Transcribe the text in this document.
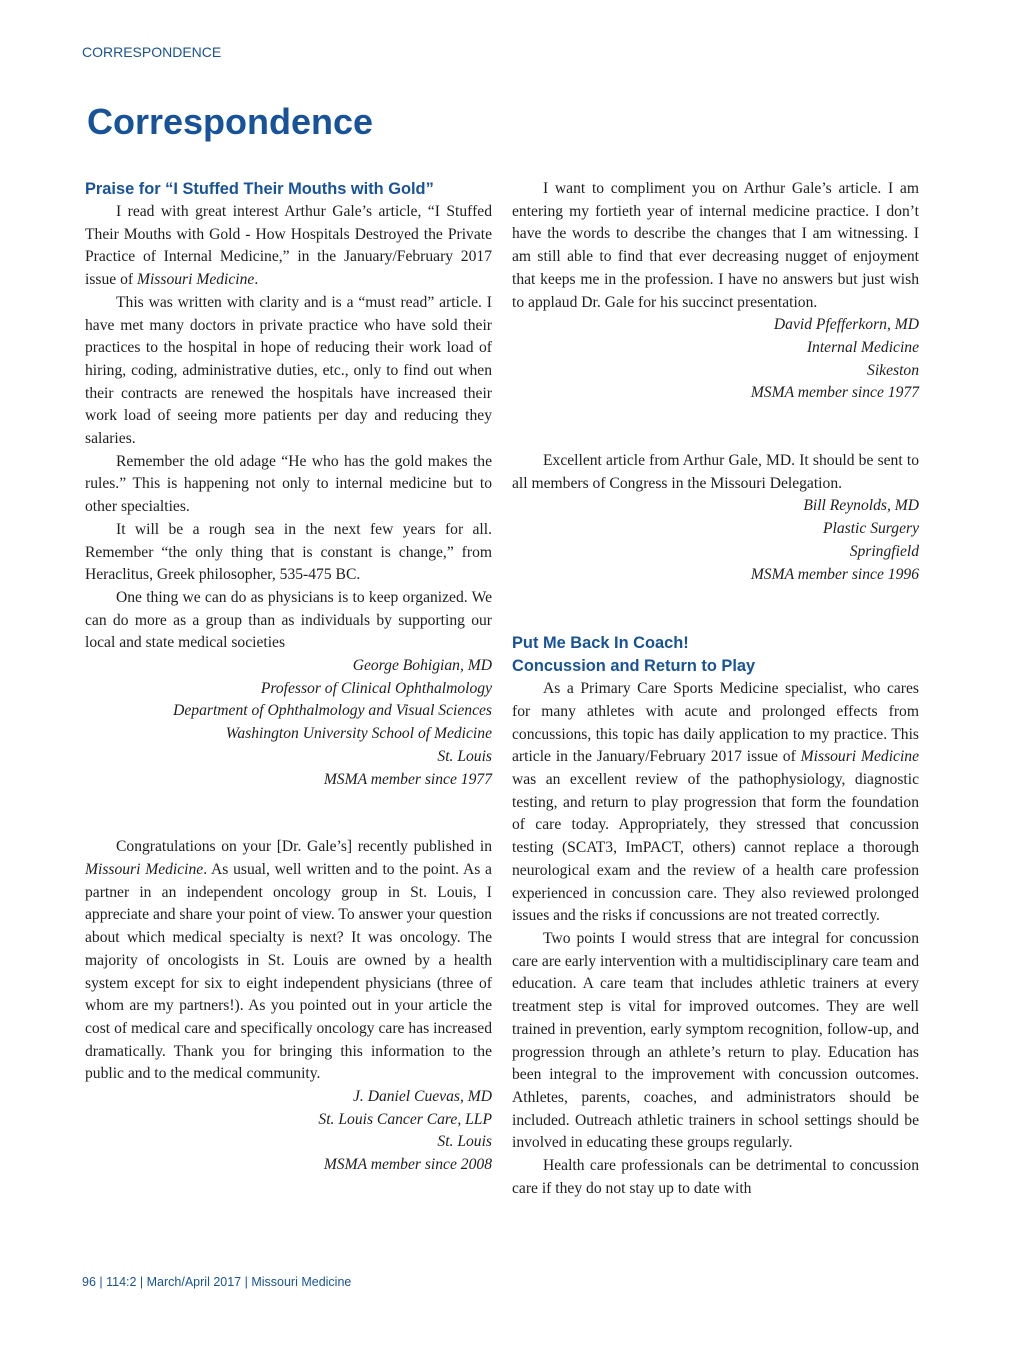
CORRESPONDENCE
Correspondence
Praise for “I Stuffed Their Mouths with Gold”

I read with great interest Arthur Gale’s article, “I Stuffed Their Mouths with Gold - How Hospitals Destroyed the Private Practice of Internal Medicine,” in the January/February 2017 issue of Missouri Medicine.

This was written with clarity and is a “must read” article. I have met many doctors in private practice who have sold their practices to the hospital in hope of reducing their work load of hiring, coding, administrative duties, etc., only to find out when their contracts are renewed the hospitals have increased their work load of seeing more patients per day and reducing they salaries.

Remember the old adage “He who has the gold makes the rules.” This is happening not only to internal medicine but to other specialties.

It will be a rough sea in the next few years for all. Remember “the only thing that is constant is change,” from Heraclitus, Greek philosopher, 535-475 BC.

One thing we can do as physicians is to keep organized. We can do more as a group than as individuals by supporting our local and state medical societies

George Bohigian, MD
Professor of Clinical Ophthalmology
Department of Ophthalmology and Visual Sciences
Washington University School of Medicine
St. Louis
MSMA member since 1977

Congratulations on your [Dr. Gale’s] recently published in Missouri Medicine. As usual, well written and to the point. As a partner in an independent oncology group in St. Louis, I appreciate and share your point of view. To answer your question about which medical specialty is next? It was oncology. The majority of oncologists in St. Louis are owned by a health system except for six to eight independent physicians (three of whom are my partners!). As you pointed out in your article the cost of medical care and specifically oncology care has increased dramatically. Thank you for bringing this information to the public and to the medical community.

J. Daniel Cuevas, MD
St. Louis Cancer Care, LLP
St. Louis
MSMA member since 2008

I want to compliment you on Arthur Gale’s article. I am entering my fortieth year of internal medicine practice. I don’t have the words to describe the changes that I am witnessing. I am still able to find that ever decreasing nugget of enjoyment that keeps me in the profession. I have no answers but just wish to applaud Dr. Gale for his succinct presentation.

David Pfefferkorn, MD
Internal Medicine
Sikeston
MSMA member since 1977

Excellent article from Arthur Gale, MD. It should be sent to all members of Congress in the Missouri Delegation.

Bill Reynolds, MD
Plastic Surgery
Springfield
MSMA member since 1996
Put Me Back In Coach!
Concussion and Return to Play

As a Primary Care Sports Medicine specialist, who cares for many athletes with acute and prolonged effects from concussions, this topic has daily application to my practice. This article in the January/February 2017 issue of Missouri Medicine was an excellent review of the pathophysiology, diagnostic testing, and return to play progression that form the foundation of care today. Appropriately, they stressed that concussion testing (SCAT3, ImPACT, others) cannot replace a thorough neurological exam and the review of a health care profession experienced in concussion care. They also reviewed prolonged issues and the risks if concussions are not treated correctly.

Two points I would stress that are integral for concussion care are early intervention with a multidisciplinary care team and education. A care team that includes athletic trainers at every treatment step is vital for improved outcomes. They are well trained in prevention, early symptom recognition, follow-up, and progression through an athlete’s return to play. Education has been integral to the improvement with concussion outcomes. Athletes, parents, coaches, and administrators should be included. Outreach athletic trainers in school settings should be involved in educating these groups regularly.

Health care professionals can be detrimental to concussion care if they do not stay up to date with

96 | 114:2 | March/April 2017 | Missouri Medicine
